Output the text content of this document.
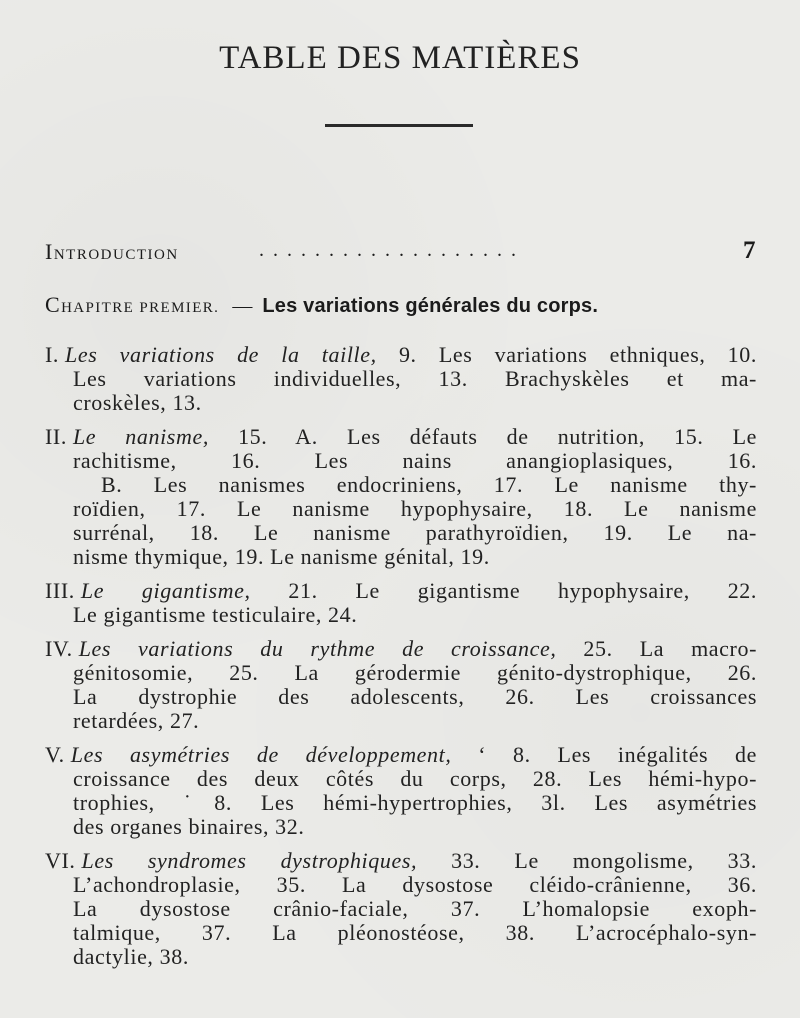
TABLE DES MATIÈRES
INTRODUCTION	...................	7
CHAPITRE PREMIER. — Les variations générales du corps.
I. Les variations de la taille, 9. Les variations ethniques, 10.
Les variations individuelles, 13. Brachyskèles et ma-
croskèles, 13.
II. Le nanisme, 15. A. Les défauts de nutrition, 15. Le
rachitisme, 16. Les nains anangioplasiques, 16.
B. Les nanismes endocriniens, 17. Le nanisme thy-
roïdien, 17. Le nanisme hypophysaire, 18. Le nanisme
surrénal, 18. Le nanisme parathyroïdien, 19. Le na-
nisme thymique, 19. Le nanisme génital, 19.
III. Le gigantisme, 21. Le gigantisme hypophysaire, 22.
Le gigantisme testiculaire, 24.
IV. Les variations du rythme de croissance, 25. La macro-
génitosomie, 25. La gérodermie génito-dystrophique, 26.
La dystrophie des adolescents, 26. Les croissances
retardées, 27.
V. Les asymétries de développement, ‘ 8. Les inégalités de
croissance des deux côtés du corps, 28. Les hémi-hypo-
trophies, ˙8. Les hémi-hypertrophies, 3l. Les asymétries
des organes binaires, 32.
VI. Les syndromes dystrophiques, 33. Le mongolisme, 33.
L’achondroplasie, 35. La dysostose cléido-crânienne, 36.
La dysostose crânio-faciale, 37. L’homalopsie exoph-
talmique, 37. La pléonostéose, 38. L’acrocéphalo-syn-
dactylie, 38.
